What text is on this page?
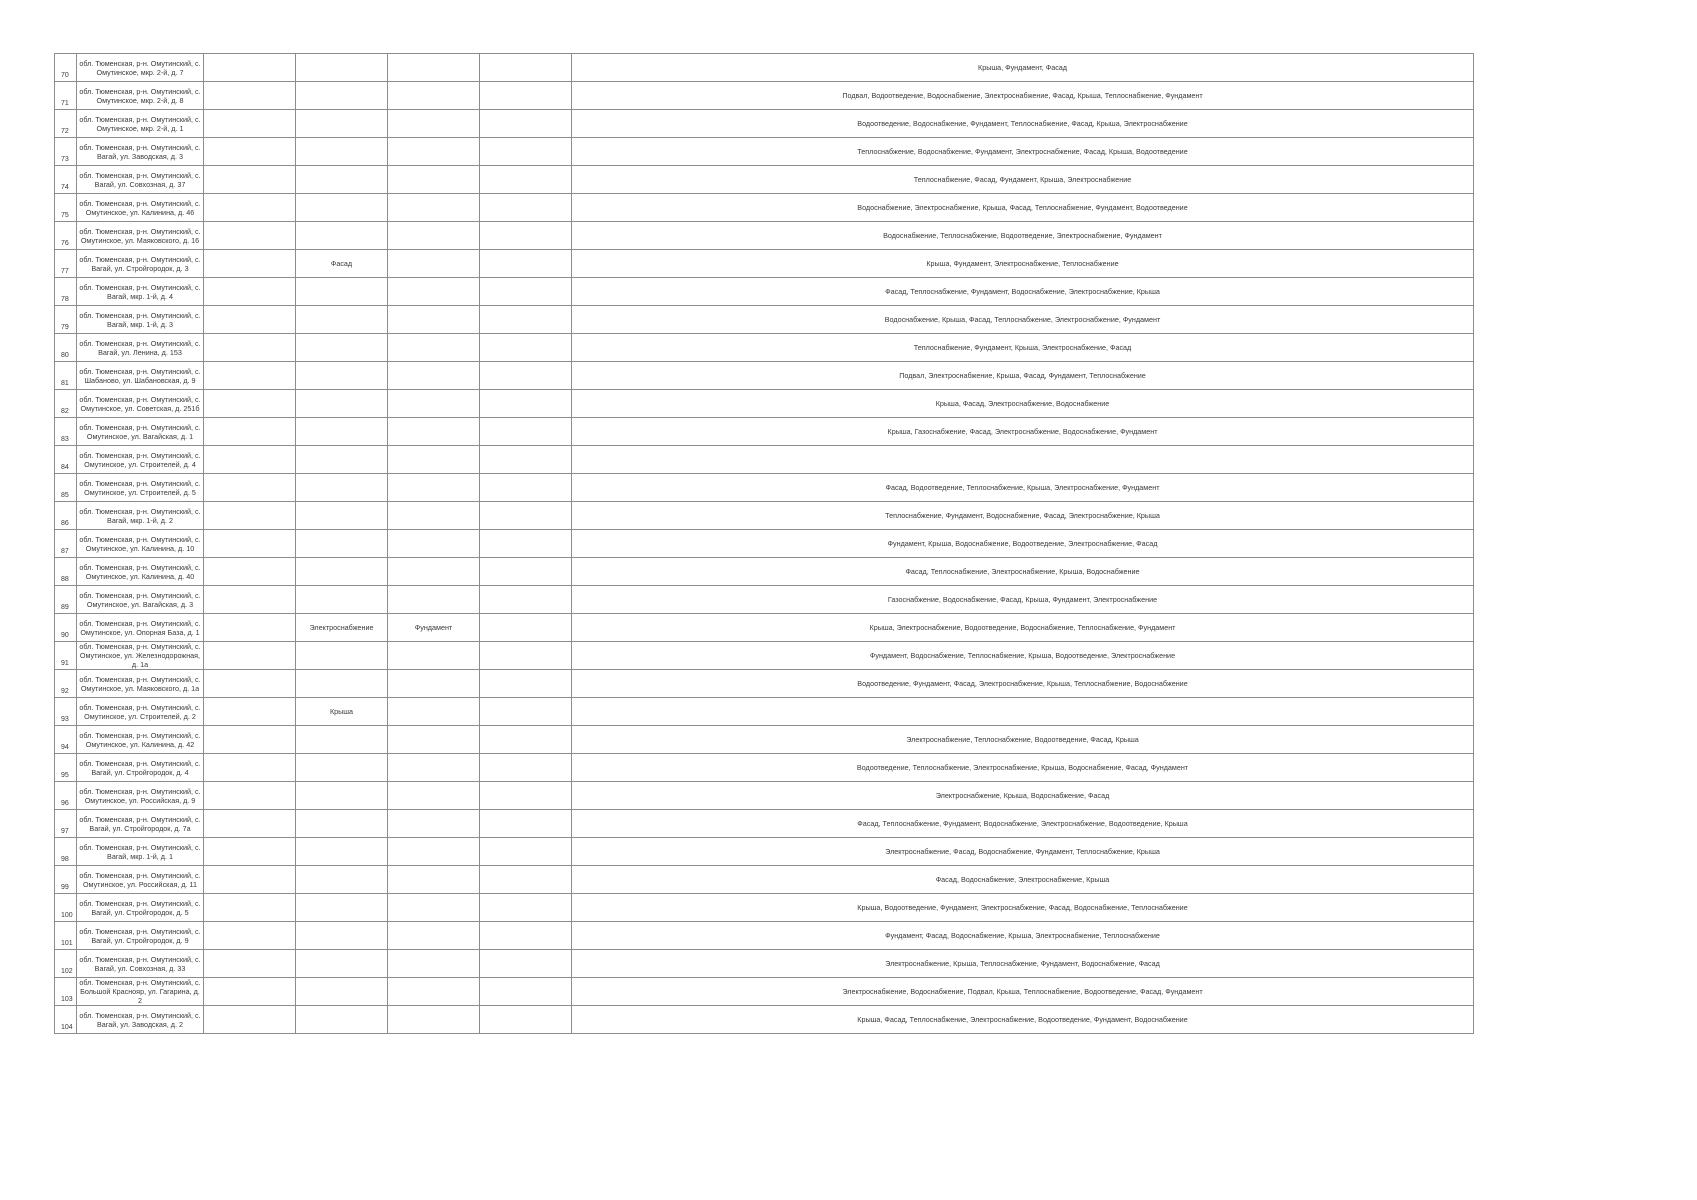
70	обл. Тюменская, р-н. Омутинский, с. Омутинское, мкр. 2-й, д. 7					Крыша, Фундамент, Фасад
71	обл. Тюменская, р-н. Омутинский, с. Омутинское, мкр. 2-й, д. 8					Подвал, Водоотведение, Водоснабжение, Электроснабжение, Фасад, Крыша, Теплоснабжение, Фундамент
72	обл. Тюменская, р-н. Омутинский, с. Омутинское, мкр. 2-й, д. 1					Водоотведение, Водоснабжение, Фундамент, Теплоснабжение, Фасад, Крыша, Электроснабжение
73	обл. Тюменская, р-н. Омутинский, с. Вагай, ул. Заводская, д. 3					Теплоснабжение, Водоснабжение, Фундамент, Электроснабжение, Фасад, Крыша, Водоотведение
74	обл. Тюменская, р-н. Омутинский, с. Вагай, ул. Совхозная, д. 37					Теплоснабжение, Фасад, Фундамент, Крыша, Электроснабжение
75	обл. Тюменская, р-н. Омутинский, с. Омутинское, ул. Калинина, д. 46					Водоснабжение, Электроснабжение, Крыша, Фасад, Теплоснабжение, Фундамент, Водоотведение
76	обл. Тюменская, р-н. Омутинский, с. Омутинское, ул. Маяковского, д. 16					Водоснабжение, Теплоснабжение, Водоотведение, Электроснабжение, Фундамент
77	обл. Тюменская, р-н. Омутинский, с. Вагай, ул. Стройгородок, д. 3		Фасад			Крыша, Фундамент, Электроснабжение, Теплоснабжение
78	обл. Тюменская, р-н. Омутинский, с. Вагай, мкр. 1-й, д. 4					Фасад, Теплоснабжение, Фундамент, Водоснабжение, Электроснабжение, Крыша
79	обл. Тюменская, р-н. Омутинский, с. Вагай, мкр. 1-й, д. 3					Водоснабжение, Крыша, Фасад, Теплоснабжение, Электроснабжение, Фундамент
80	обл. Тюменская, р-н. Омутинский, с. Вагай, ул. Ленина, д. 153					Теплоснабжение, Фундамент, Крыша, Электроснабжение, Фасад
81	обл. Тюменская, р-н. Омутинский, с. Шабаново, ул. Шабановская, д. 9					Подвал, Электроснабжение, Крыша, Фасад, Фундамент, Теплоснабжение
82	обл. Тюменская, р-н. Омутинский, с. Омутинское, ул. Советская, д. 251б					Крыша, Фасад, Электроснабжение, Водоснабжение
83	обл. Тюменская, р-н. Омутинский, с. Омутинское, ул. Вагайская, д. 1					Крыша, Газоснабжение, Фасад, Электроснабжение, Водоснабжение, Фундамент
84	обл. Тюменская, р-н. Омутинский, с. Омутинское, ул. Строителей, д. 4					
85	обл. Тюменская, р-н. Омутинский, с. Омутинское, ул. Строителей, д. 5					Фасад, Водоотведение, Теплоснабжение, Крыша, Электроснабжение, Фундамент
86	обл. Тюменская, р-н. Омутинский, с. Вагай, мкр. 1-й, д. 2					Теплоснабжение, Фундамент, Водоснабжение, Фасад, Электроснабжение, Крыша
87	обл. Тюменская, р-н. Омутинский, с. Омутинское, ул. Калинина, д. 10					Фундамент, Крыша, Водоснабжение, Водоотведение, Электроснабжение, Фасад
88	обл. Тюменская, р-н. Омутинский, с. Омутинское, ул. Калинина, д. 40					Фасад, Теплоснабжение, Электроснабжение, Крыша, Водоснабжение
89	обл. Тюменская, р-н. Омутинский, с. Омутинское, ул. Вагайская, д. 3					Газоснабжение, Водоснабжение, Фасад, Крыша, Фундамент, Электроснабжение
90	обл. Тюменская, р-н. Омутинский, с. Омутинское, ул. Опорная База, д. 1		Электроснабжение	Фундамент		Крыша, Электроснабжение, Водоотведение, Водоснабжение, Теплоснабжение, Фундамент
91	обл. Тюменская, р-н. Омутинский, с. Омутинское, ул. Железнодорожная, д. 1а					Фундамент, Водоснабжение, Теплоснабжение, Крыша, Водоотведение, Электроснабжение
92	обл. Тюменская, р-н. Омутинский, с. Омутинское, ул. Маяковского, д. 1а					Водоотведение, Фундамент, Фасад, Электроснабжение, Крыша, Теплоснабжение, Водоснабжение
93	обл. Тюменская, р-н. Омутинский, с. Омутинское, ул. Строителей, д. 2		Крыша			
94	обл. Тюменская, р-н. Омутинский, с. Омутинское, ул. Калинина, д. 42					Электроснабжение, Теплоснабжение, Водоотведение, Фасад, Крыша
95	обл. Тюменская, р-н. Омутинский, с. Вагай, ул. Стройгородок, д. 4					Водоотведение, Теплоснабжение, Электроснабжение, Крыша, Водоснабжение, Фасад, Фундамент
96	обл. Тюменская, р-н. Омутинский, с. Омутинское, ул. Российская, д. 9					Электроснабжение, Крыша, Водоснабжение, Фасад
97	обл. Тюменская, р-н. Омутинский, с. Вагай, ул. Стройгородок, д. 7а					Фасад, Теплоснабжение, Фундамент, Водоснабжение, Электроснабжение, Водоотведение, Крыша
98	обл. Тюменская, р-н. Омутинский, с. Вагай, мкр. 1-й, д. 1					Электроснабжение, Фасад, Водоснабжение, Фундамент, Теплоснабжение, Крыша
99	обл. Тюменская, р-н. Омутинский, с. Омутинское, ул. Российская, д. 11					Фасад, Водоснабжение, Электроснабжение, Крыша
100	обл. Тюменская, р-н. Омутинский, с. Вагай, ул. Стройгородок, д. 5					Крыша, Водоотведение, Фундамент, Электроснабжение, Фасад, Водоснабжение, Теплоснабжение
101	обл. Тюменская, р-н. Омутинский, с. Вагай, ул. Стройгородок, д. 9					Фундамент, Фасад, Водоснабжение, Крыша, Электроснабжение, Теплоснабжение
102	обл. Тюменская, р-н. Омутинский, с. Вагай, ул. Совхозная, д. 33					Электроснабжение, Крыша, Теплоснабжение, Фундамент, Водоснабжение, Фасад
103	обл. Тюменская, р-н. Омутинский, с. Большой Краснояр, ул. Гагарина, д. 2					Электроснабжение, Водоснабжение, Подвал, Крыша, Теплоснабжение, Водоотведение, Фасад, Фундамент
104	обл. Тюменская, р-н. Омутинский, с. Вагай, ул. Заводская, д. 2					Крыша, Фасад, Теплоснабжение, Электроснабжение, Водоотведение, Фундамент, Водоснабжение
